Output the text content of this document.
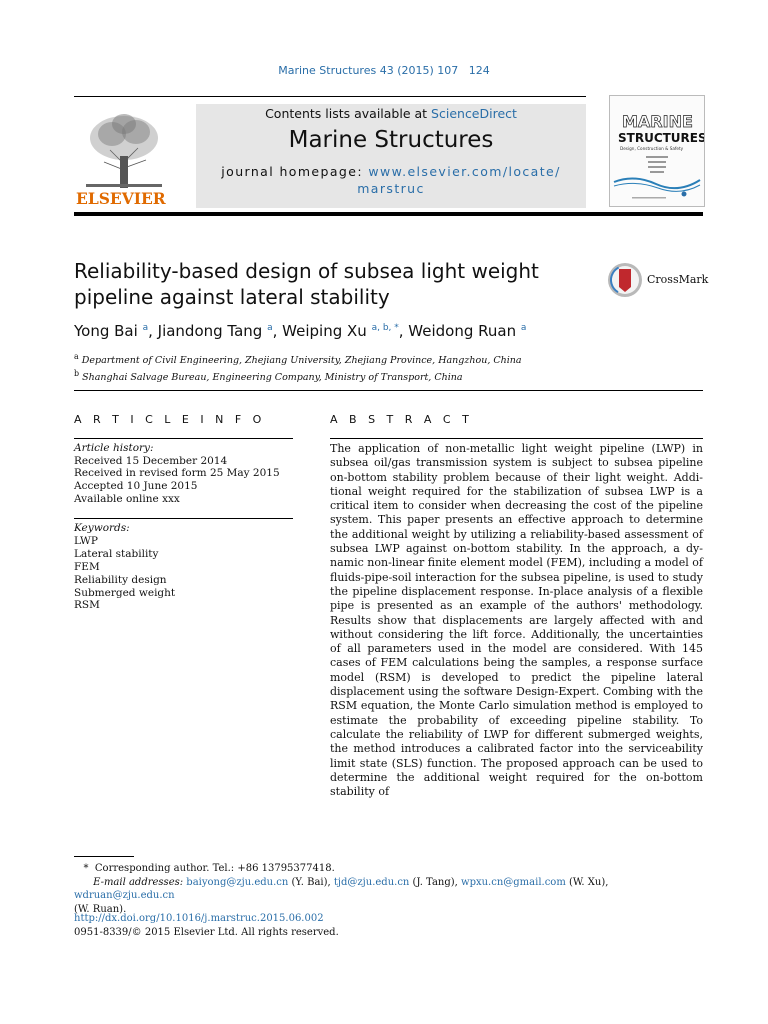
Marine Structures 43 (2015) 107   124
ELSEVIER
Contents lists available at ScienceDirect
Marine Structures
journal homepage: www.elsevier.com/locate/
marstruc
MARINE
STRUCTURES
Design, Construction & Safety
Reliability-based design of subsea light weight pipeline against lateral stability
CrossMark
Yong Bai $^a$, Jiandong Tang $^a$, Weiping Xu $^{a, b, *}$, Weidong Ruan $^a$
$^a$ Department of Civil Engineering, Zhejiang University, Zhejiang Province, Hangzhou, China
$^b$ Shanghai Salvage Bureau, Engineering Company, Ministry of Transport, China
A R T I C L E I N F O
Article history:
Received 15 December 2014
Received in revised form 25 May 2015
Accepted 10 June 2015
Available online xxx
Keywords:
LWP
Lateral stability
FEM
Reliability design
Submerged weight
RSM
A B S T R A C T

The application of non-metallic light weight pipeline (LWP) in subsea oil/gas transmission system is subject to subsea pipeline on-bottom stability problem because of their light weight. Additional weight required for the stabilization of subsea LWP is a critical item to consider when decreasing the cost of the pipeline system. This paper presents an effective approach to determine the additional weight by utilizing a reliability-based assessment of subsea LWP against on-bottom stability. In the approach, a dynamic non-linear finite element model (FEM), including a model of fluids-pipe-soil interaction for the subsea pipeline, is used to study the pipeline displacement response. In-place analysis of a flexible pipe is presented as an example of the authors' methodology. Results show that displacements are largely affected with and without considering the lift force. Additionally, the uncertainties of all parameters used in the model are considered. With 145 cases of FEM calculations being the samples, a response surface model (RSM) is developed to predict the pipeline lateral displacement using the software Design-Expert. Combing with the RSM equation, the Monte Carlo simulation method is employed to estimate the probability of exceeding pipeline stability. To calculate the reliability of LWP for different submerged weights, the method introduces a calibrated factor into the serviceability limit state (SLS) function. The proposed approach can be used to determine the additional weight required for the on-bottom stability of

*  Corresponding author. Tel.: +86 13795377418.
E-mail addresses: baiyong@zju.edu.cn (Y. Bai), tjd@zju.edu.cn (J. Tang), wpxu.cn@gmail.com (W. Xu), wdruan@zju.edu.cn
(W. Ruan).
http://dx.doi.org/10.1016/j.marstruc.2015.06.002
0951-8339/© 2015 Elsevier Ltd. All rights reserved.
